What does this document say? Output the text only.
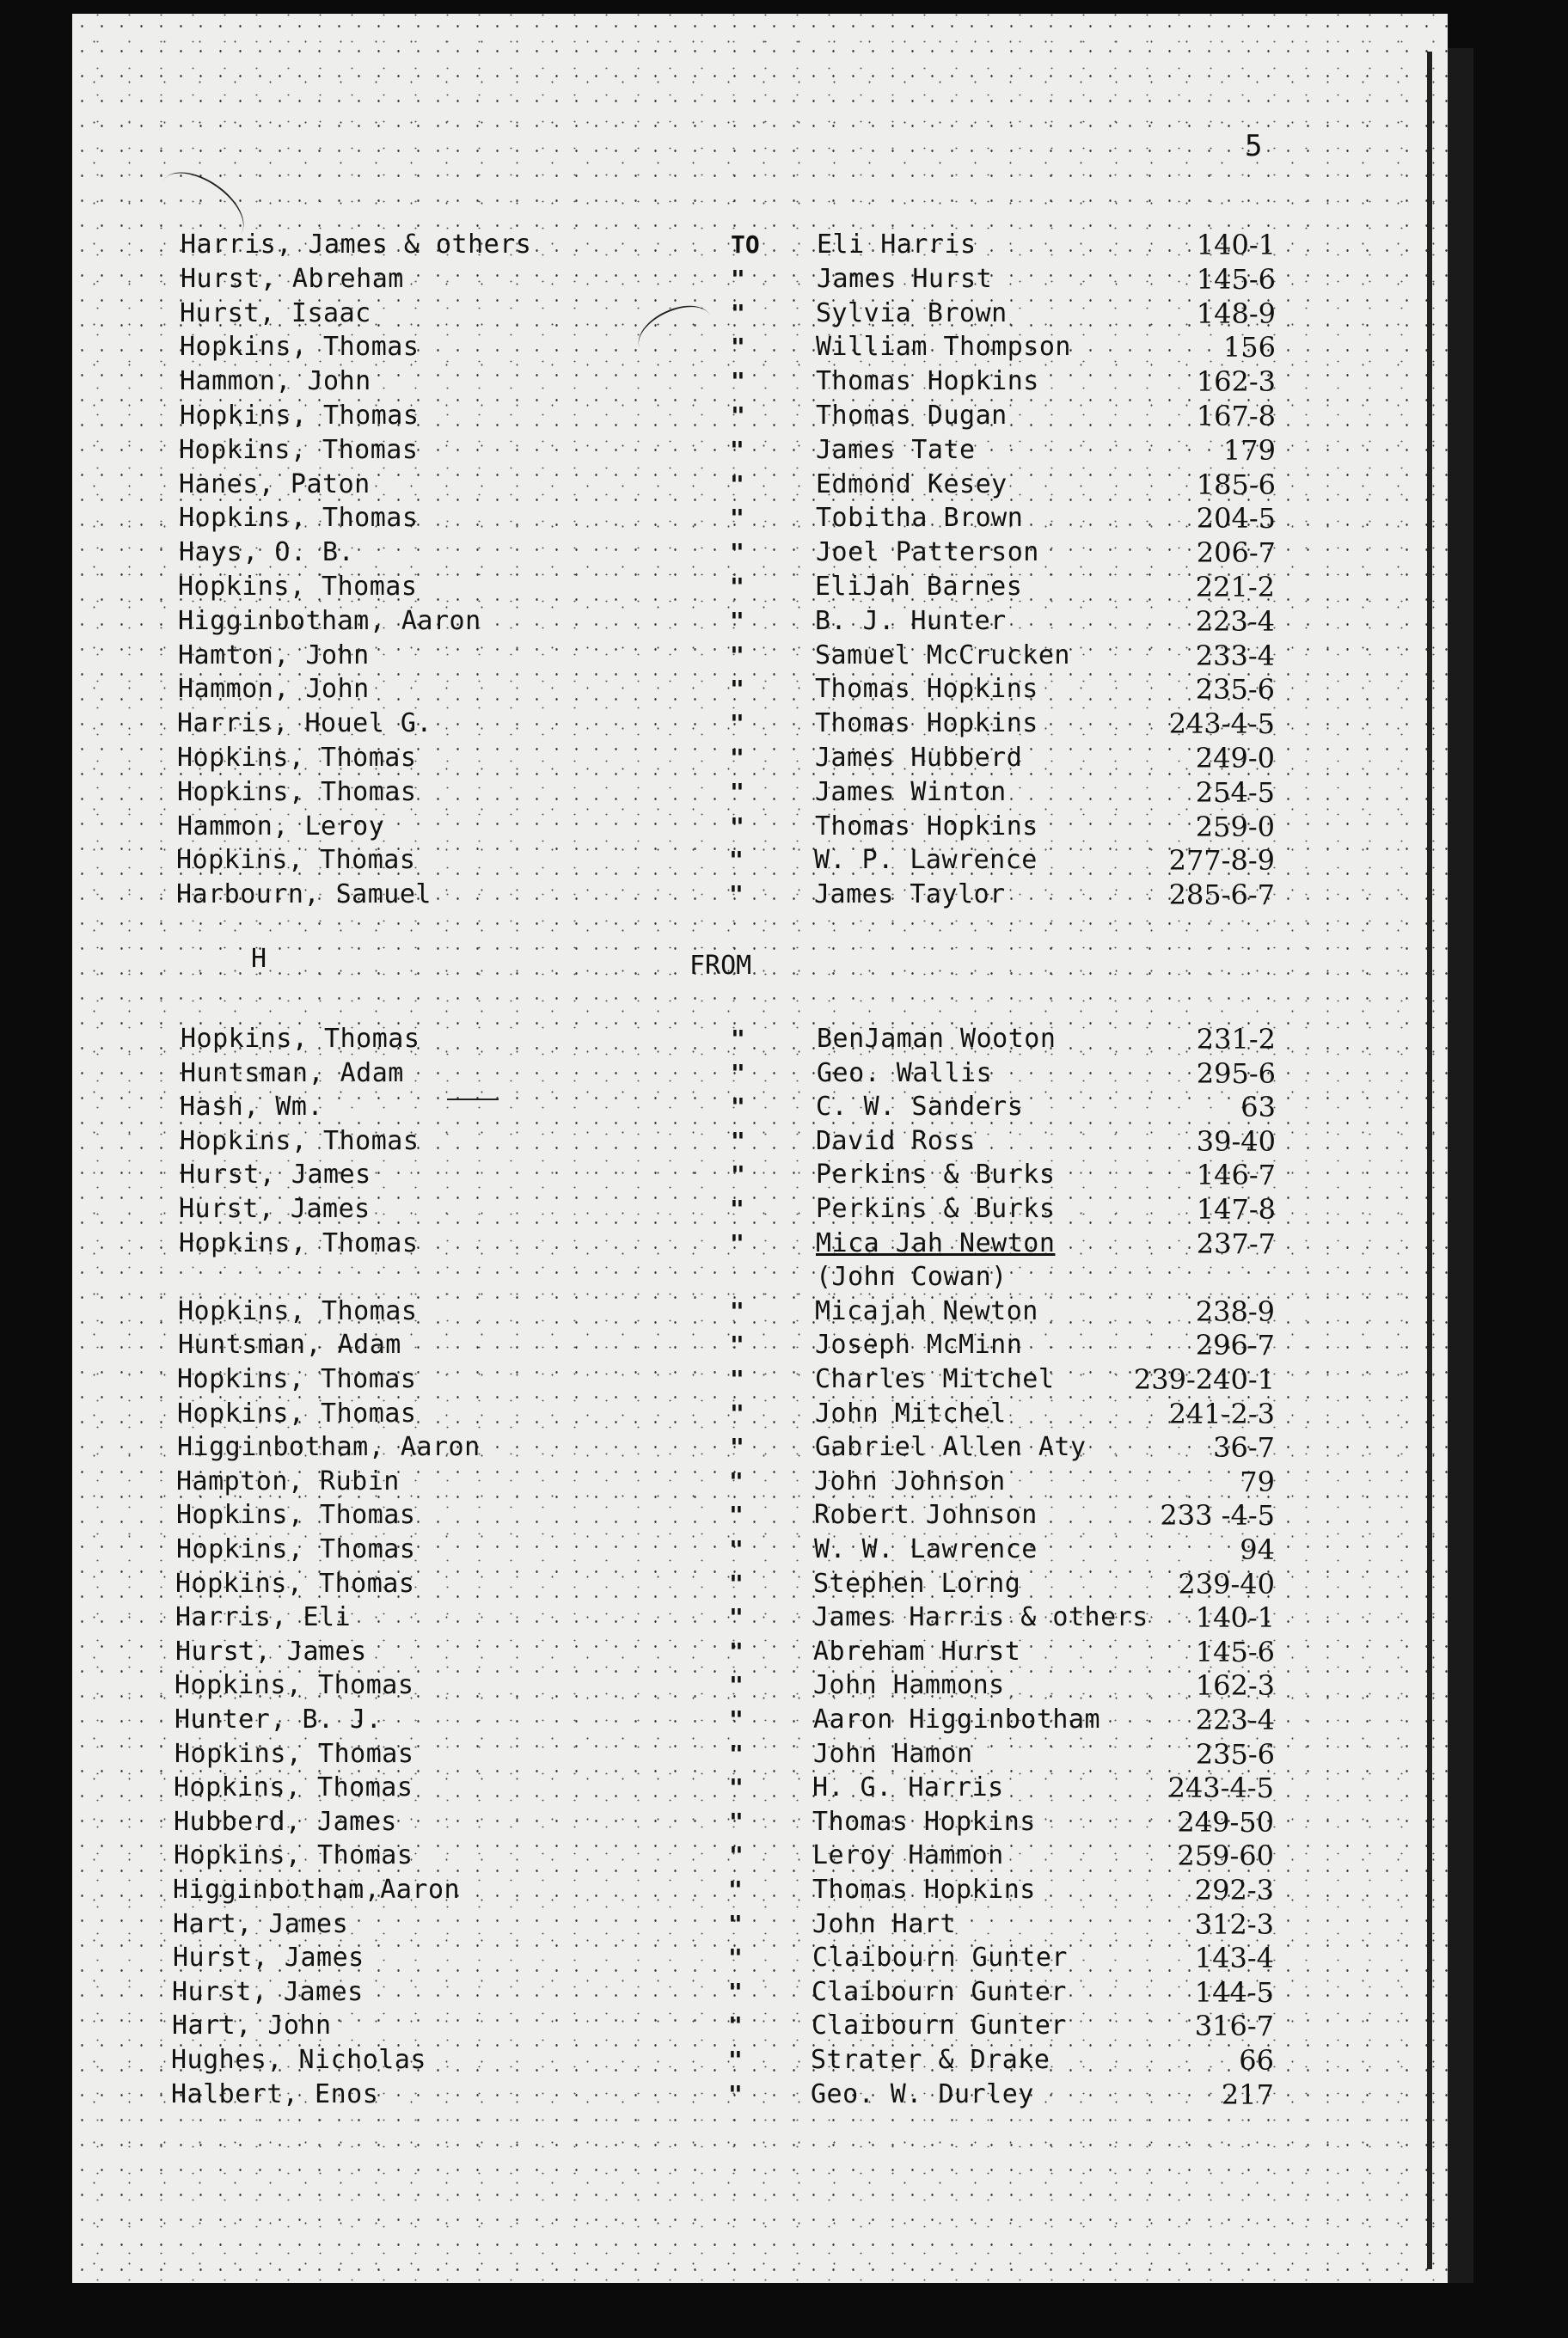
5
Harris, James & others	TO Eli Harris	140-1
Hurst, Abreham	"	James Hurst	145-6
Hurst, Isaac	"	Sylvia Brown	148-9
Hopkins, Thomas	"	William Thompson	156
Hammon, John	"	Thomas Hopkins	162-3
Hopkins, Thomas	"	Thomas Dugan	167-8
Hopkins, Thomas	"	James Tate	179
Hanes, Paton	"	Edmond Kesey	185-6
Hopkins, Thomas	"	Tobitha Brown	204-5
Hays, O. B.	"	Joel Patterson	206-7
Hopkins, Thomas	"	ElіJah Barnes	221-2
Higginbotham, Aaron	"	B. J. Hunter	223-4
Hamton, John	"	Samuel McCrucken	233-4
Hammon, John	"	Thomas Hopkins	235-6
Harris, Houel G.	"	Thomas Hopkins	243-4-5
Hopkins, Thomas	"	James Hubberd	249-0
Hopkins, Thomas	"	James Winton	254-5
Hammon, Leroy	"	Thomas Hopkins	259-0
Hopkins, Thomas	"	W. P. Lawrence	277-8-9
Harbourn, Samuel	"	James Taylor	285-6-7
H	FROM
Hopkins, Thomas	"	BenJaman Wooton	231-2
Huntsman, Adam	"	Geo. Wallis	295-6
Hash, Wm.	"	C. W. Sanders	63
Hopkins, Thomas	"	David Ross	39-40
Hurst, James	"	Perkins & Burks	146-7
Hurst, James	"	Perkins & Burks	147-8
Hopkins, Thomas	"	Mica Jah Newton	237-7
(John Cowan)
Hopkins, Thomas	"	Micajah Newton	238-9
Huntsman, Adam	"	Joseph McMinn	296-7
Hopkins, Thomas	"	Charles Mitchel	239-240-1
Hopkins, Thomas	"	John Mitchel	241-2-3
Higginbotham, Aaron	"	Gabriel Allen Aty	36-7
Hampton, Rubin	"	John Johnson	79
Hopkins, Thomas	"	Robert Johnson	233 -4-5
Hopkins, Thomas	"	W. W. Lawrence	94
Hopkins, Thomas	"	Stephen Lorng	239-40
Harris, Eli	"	James Harris & others 140-1
Hurst, James	"	Abreham Hurst	145-6
Hopkins, Thomas	"	John Hammons	162-3
Hunter, B. J.	"	Aaron Higginbotham	223-4
Hopkins, Thomas	"	John Hamon	235-6
Hopkins, Thomas	"	H. G. Harris	243-4-5
Hubberd, James	"	Thomas Hopkins	249-50
Hopkins, Thomas	"	Leroy Hammon	259-60
Higginbotham,Aaron	"	Thomas Hopkins	292-3
Hart, James	"	John Hart	312-3
Hurst, James	"	Claibourn Gunter	143-4
Hurst, James	"	Claibourn Gunter	144-5
Hart, John	"	Claibourn Gunter	316-7
Hughes, Nicholas	"	Strater & Drake	66
Halbert, Enos	"	Geo. W. Durley	217
